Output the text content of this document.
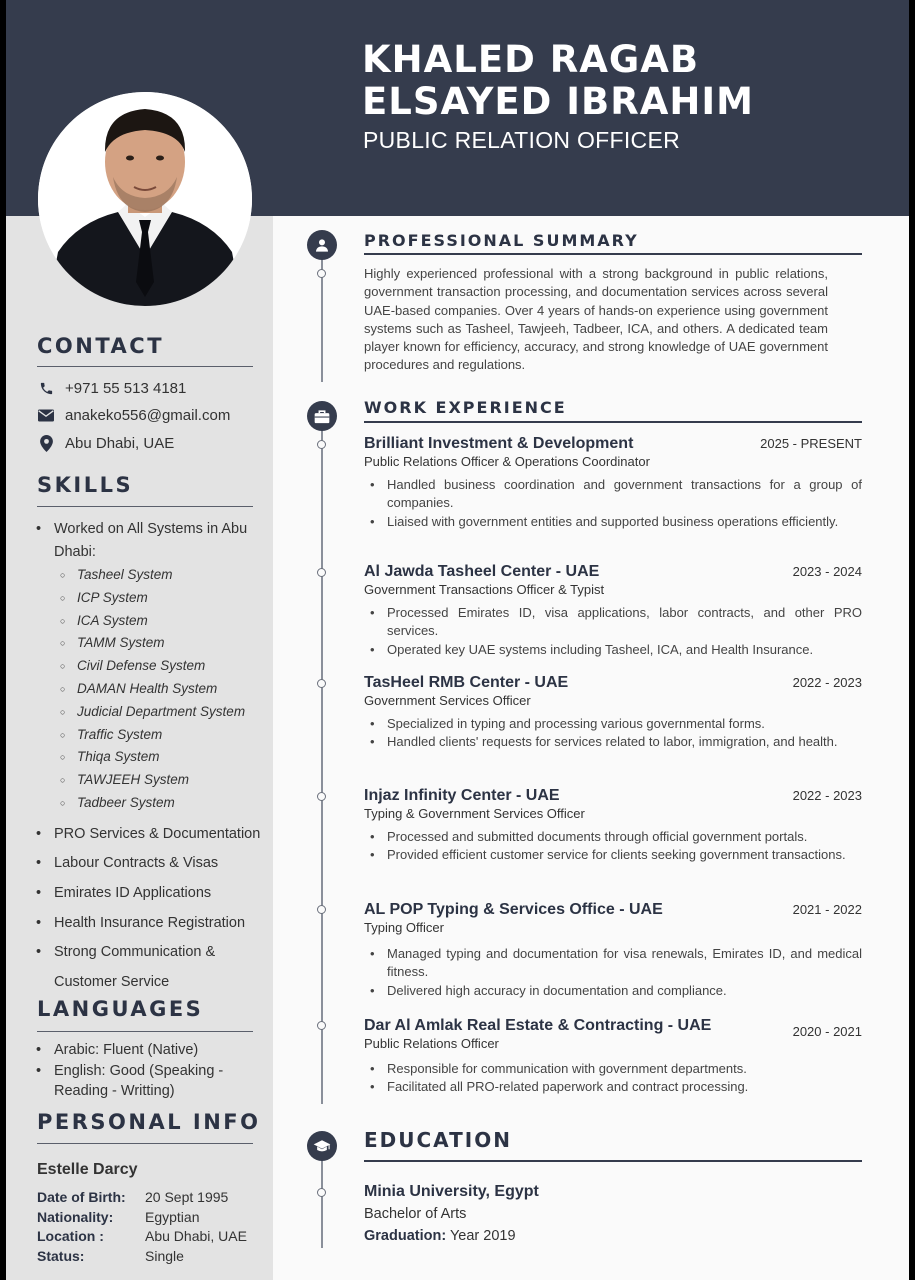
KHALED RAGAB
ELSAYED IBRAHIM
PUBLIC RELATION OFFICER
CONTACT
+971 55 513 4181
anakeko556@gmail.com
Abu Dhabi, UAE
SKILLS
• Worked on All Systems in Abu Dhabi:
○ Tasheel System
○ ICP System
○ ICA System
○ TAMM System
○ Civil Defense System
○ DAMAN Health System
○ Judicial Department System
○ Traffic System
○ Thiqa System
○ TAWJEEH System
○ Tadbeer System
• PRO Services & Documentation
• Labour Contracts & Visas
• Emirates ID Applications
• Health Insurance Registration
• Strong Communication & Customer Service
LANGUAGES
• Arabic: Fluent (Native)
• English: Good (Speaking - Reading - Writting)
PERSONAL INFO
Estelle Darcy
Date of Birth:	20 Sept 1995
Nationality:	Egyptian
Location :	Abu Dhabi, UAE
Status:	Single
PROFESSIONAL SUMMARY
Highly experienced professional with a strong background in public relations, government transaction processing, and documentation services across several UAE-based companies. Over 4 years of hands-on experience using government systems such as Tasheel, Tawjeeh, Tadbeer, ICA, and others. A dedicated team player known for efficiency, accuracy, and strong knowledge of UAE government procedures and regulations.
WORK EXPERIENCE
Brilliant Investment & Development	2025 - PRESENT
Public Relations Officer & Operations Coordinator
• Handled business coordination and government transactions for a group of companies.
• Liaised with government entities and supported business operations efficiently.
Al Jawda Tasheel Center - UAE	2023 - 2024
Government Transactions Officer & Typist
• Processed Emirates ID, visa applications, labor contracts, and other PRO services.
• Operated key UAE systems including Tasheel, ICA, and Health Insurance.
TasHeel RMB Center - UAE	2022 - 2023
Government Services Officer
• Specialized in typing and processing various governmental forms.
• Handled clients' requests for services related to labor, immigration, and health.
Injaz Infinity Center - UAE	2022 - 2023
Typing & Government Services Officer
• Processed and submitted documents through official government portals.
• Provided efficient customer service for clients seeking government transactions.
AL POP Typing & Services Office - UAE	2021 - 2022
Typing Officer
• Managed typing and documentation for visa renewals, Emirates ID, and medical fitness.
• Delivered high accuracy in documentation and compliance.
Dar Al Amlak Real Estate & Contracting - UAE	2020 - 2021
Public Relations Officer
• Responsible for communication with government departments.
• Facilitated all PRO-related paperwork and contract processing.
EDUCATION
Minia University, Egypt
Bachelor of Arts
Graduation: Year 2019
